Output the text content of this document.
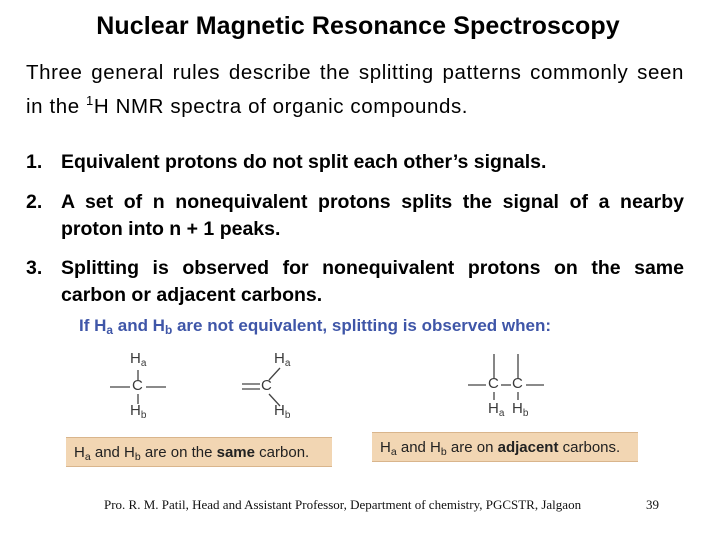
Nuclear Magnetic Resonance Spectroscopy
Three general rules describe the splitting patterns commonly seen in the $^1$H NMR spectra of organic compounds.
1. Equivalent protons do not split each other’s signals.
2. A set of n nonequivalent protons splits the signal of a nearby proton into n + 1 peaks.
3. Splitting is observed for nonequivalent protons on the same carbon or adjacent carbons.
If $H_a$ and $H_b$ are not equivalent, splitting is observed when:
$H_a$
C
$H_b$
C
$H_a$
$H_b$
C C
$H_a$ $H_b$
$H_a$ and $H_b$ are on the same carbon.	$H_a$ and $H_b$ are on adjacent carbons.
Pro. R. M. Patil, Head and Assistant Professor, Department of chemistry, PGCSTR, Jalgaon	39
